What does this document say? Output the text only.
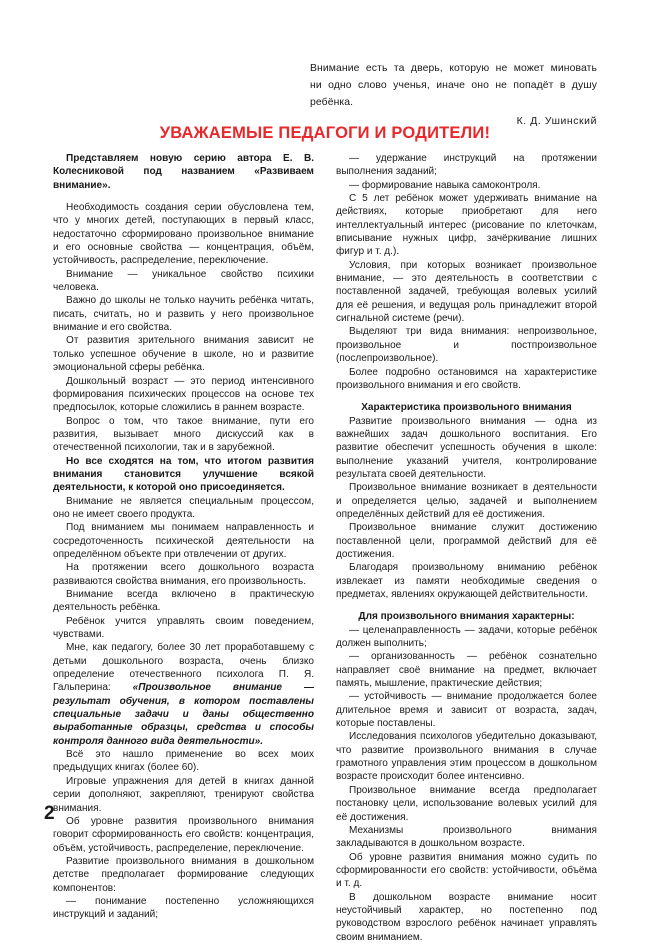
Внимание есть та дверь, которую не может миновать

ни одно слово ученья, иначе оно не попадёт в душу ребёнка.

К. Д. Ушинский

УВАЖАЕМЫЕ ПЕДАГОГИ И РОДИТЕЛИ!

Представляем новую серию автора Е. В. Колесниковой под названием «Развиваем внимание».

Необходимость создания серии обусловлена тем, что у многих детей, поступающих в первый класс, недостаточно сформировано произвольное внимание и его основные свойства — концентрация, объём, устойчивость, распределение, переключение.

Внимание — уникальное свойство психики человека.

Важно до школы не только научить ребёнка читать, писать, считать, но и развить у него произвольное внимание и его свойства.

От развития зрительного внимания зависит не только успешное обучение в школе, но и развитие эмоциональной сферы ребёнка.

Дошкольный возраст — это период интенсивного формирования психических процессов на основе тех предпосылок, которые сложились в раннем возрасте.

Вопрос о том, что такое внимание, пути его развития, вызывает много дискуссий как в отечественной психологии, так и в зарубежной.

Но все сходятся на том, что итогом развития внимания становится улучшение всякой деятельности, к которой оно присоединяется.

Внимание не является специальным процессом, оно не имеет своего продукта.

Под вниманием мы понимаем направленность и сосредоточенность психической деятельности на определённом объекте при отвлечении от других.

На протяжении всего дошкольного возраста развиваются свойства внимания, его произвольность.

Внимание всегда включено в практическую деятельность ребёнка.

Ребёнок учится управлять своим поведением, чувствами.

Мне, как педагогу, более 30 лет проработавшему с детьми дошкольного возраста, очень близко определение отечественного психолога П. Я. Гальперина: «Произвольное внимание — результат обучения, в котором поставлены специальные задачи и даны общественно выработанные образцы, средства и способы контроля данного вида деятельности».

Всё это нашло применение во всех моих предыдущих книгах (более 60).

Игровые упражнения для детей в книгах данной серии дополняют, закрепляют, тренируют свойства внимания.

Об уровне развития произвольного внимания говорит сформированность его свойств: концентрация, объём, устойчивость, распределение, переключение.

Развитие произвольного внимания в дошкольном детстве предполагает формирование следующих компонентов:

— понимание постепенно усложняющихся инструкций и заданий;

— удержание инструкций на протяжении выполнения заданий;

— формирование навыка самоконтроля.

С 5 лет ребёнок может удерживать внимание на действиях, которые приобретают для него интеллектуальный интерес (рисование по клеточкам, вписывание нужных цифр, зачёркивание лишних фигур и т. д.).

Условия, при которых возникает произвольное внимание, — это деятельность в соответствии с поставленной задачей, требующая волевых усилий для её решения, и ведущая роль принадлежит второй сигнальной системе (речи).

Выделяют три вида внимания: непроизвольное, произвольное и постпроизвольное (послепроизвольное).

Более подробно остановимся на характеристике произвольного внимания и его свойств.

Характеристика произвольного внимания

Развитие произвольного внимания — одна из важнейших задач дошкольного воспитания. Его развитие обеспечит успешность обучения в школе: выполнение указаний учителя, контролирование результата своей деятельности.

Произвольное внимание возникает в деятельности и определяется целью, задачей и выполнением определённых действий для её достижения.

Произвольное внимание служит достижению поставленной цели, программой действий для её достижения.

Благодаря произвольному вниманию ребёнок извлекает из памяти необходимые сведения о предметах, явлениях окружающей действительности.

Для произвольного внимания характерны:

— целенаправленность — задачи, которые ребёнок должен выполнить;

— организованность — ребёнок сознательно направляет своё внимание на предмет, включает память, мышление, практические действия;

— устойчивость — внимание продолжается более длительное время и зависит от возраста, задач, которые поставлены.

Исследования психологов убедительно доказывают, что развитие произвольного внимания в случае грамотного управления этим процессом в дошкольном возрасте происходит более интенсивно.

Произвольное внимание всегда предполагает постановку цели, использование волевых усилий для её достижения.

Механизмы произвольного внимания закладываются в дошкольном возрасте.

Об уровне развития внимания можно судить по сформированности его свойств: устойчивости, объёма и т. д.

В дошкольном возрасте внимание носит неустойчивый характер, но постепенно под руководством взрослого ребёнок начинает управлять своим вниманием.

2
